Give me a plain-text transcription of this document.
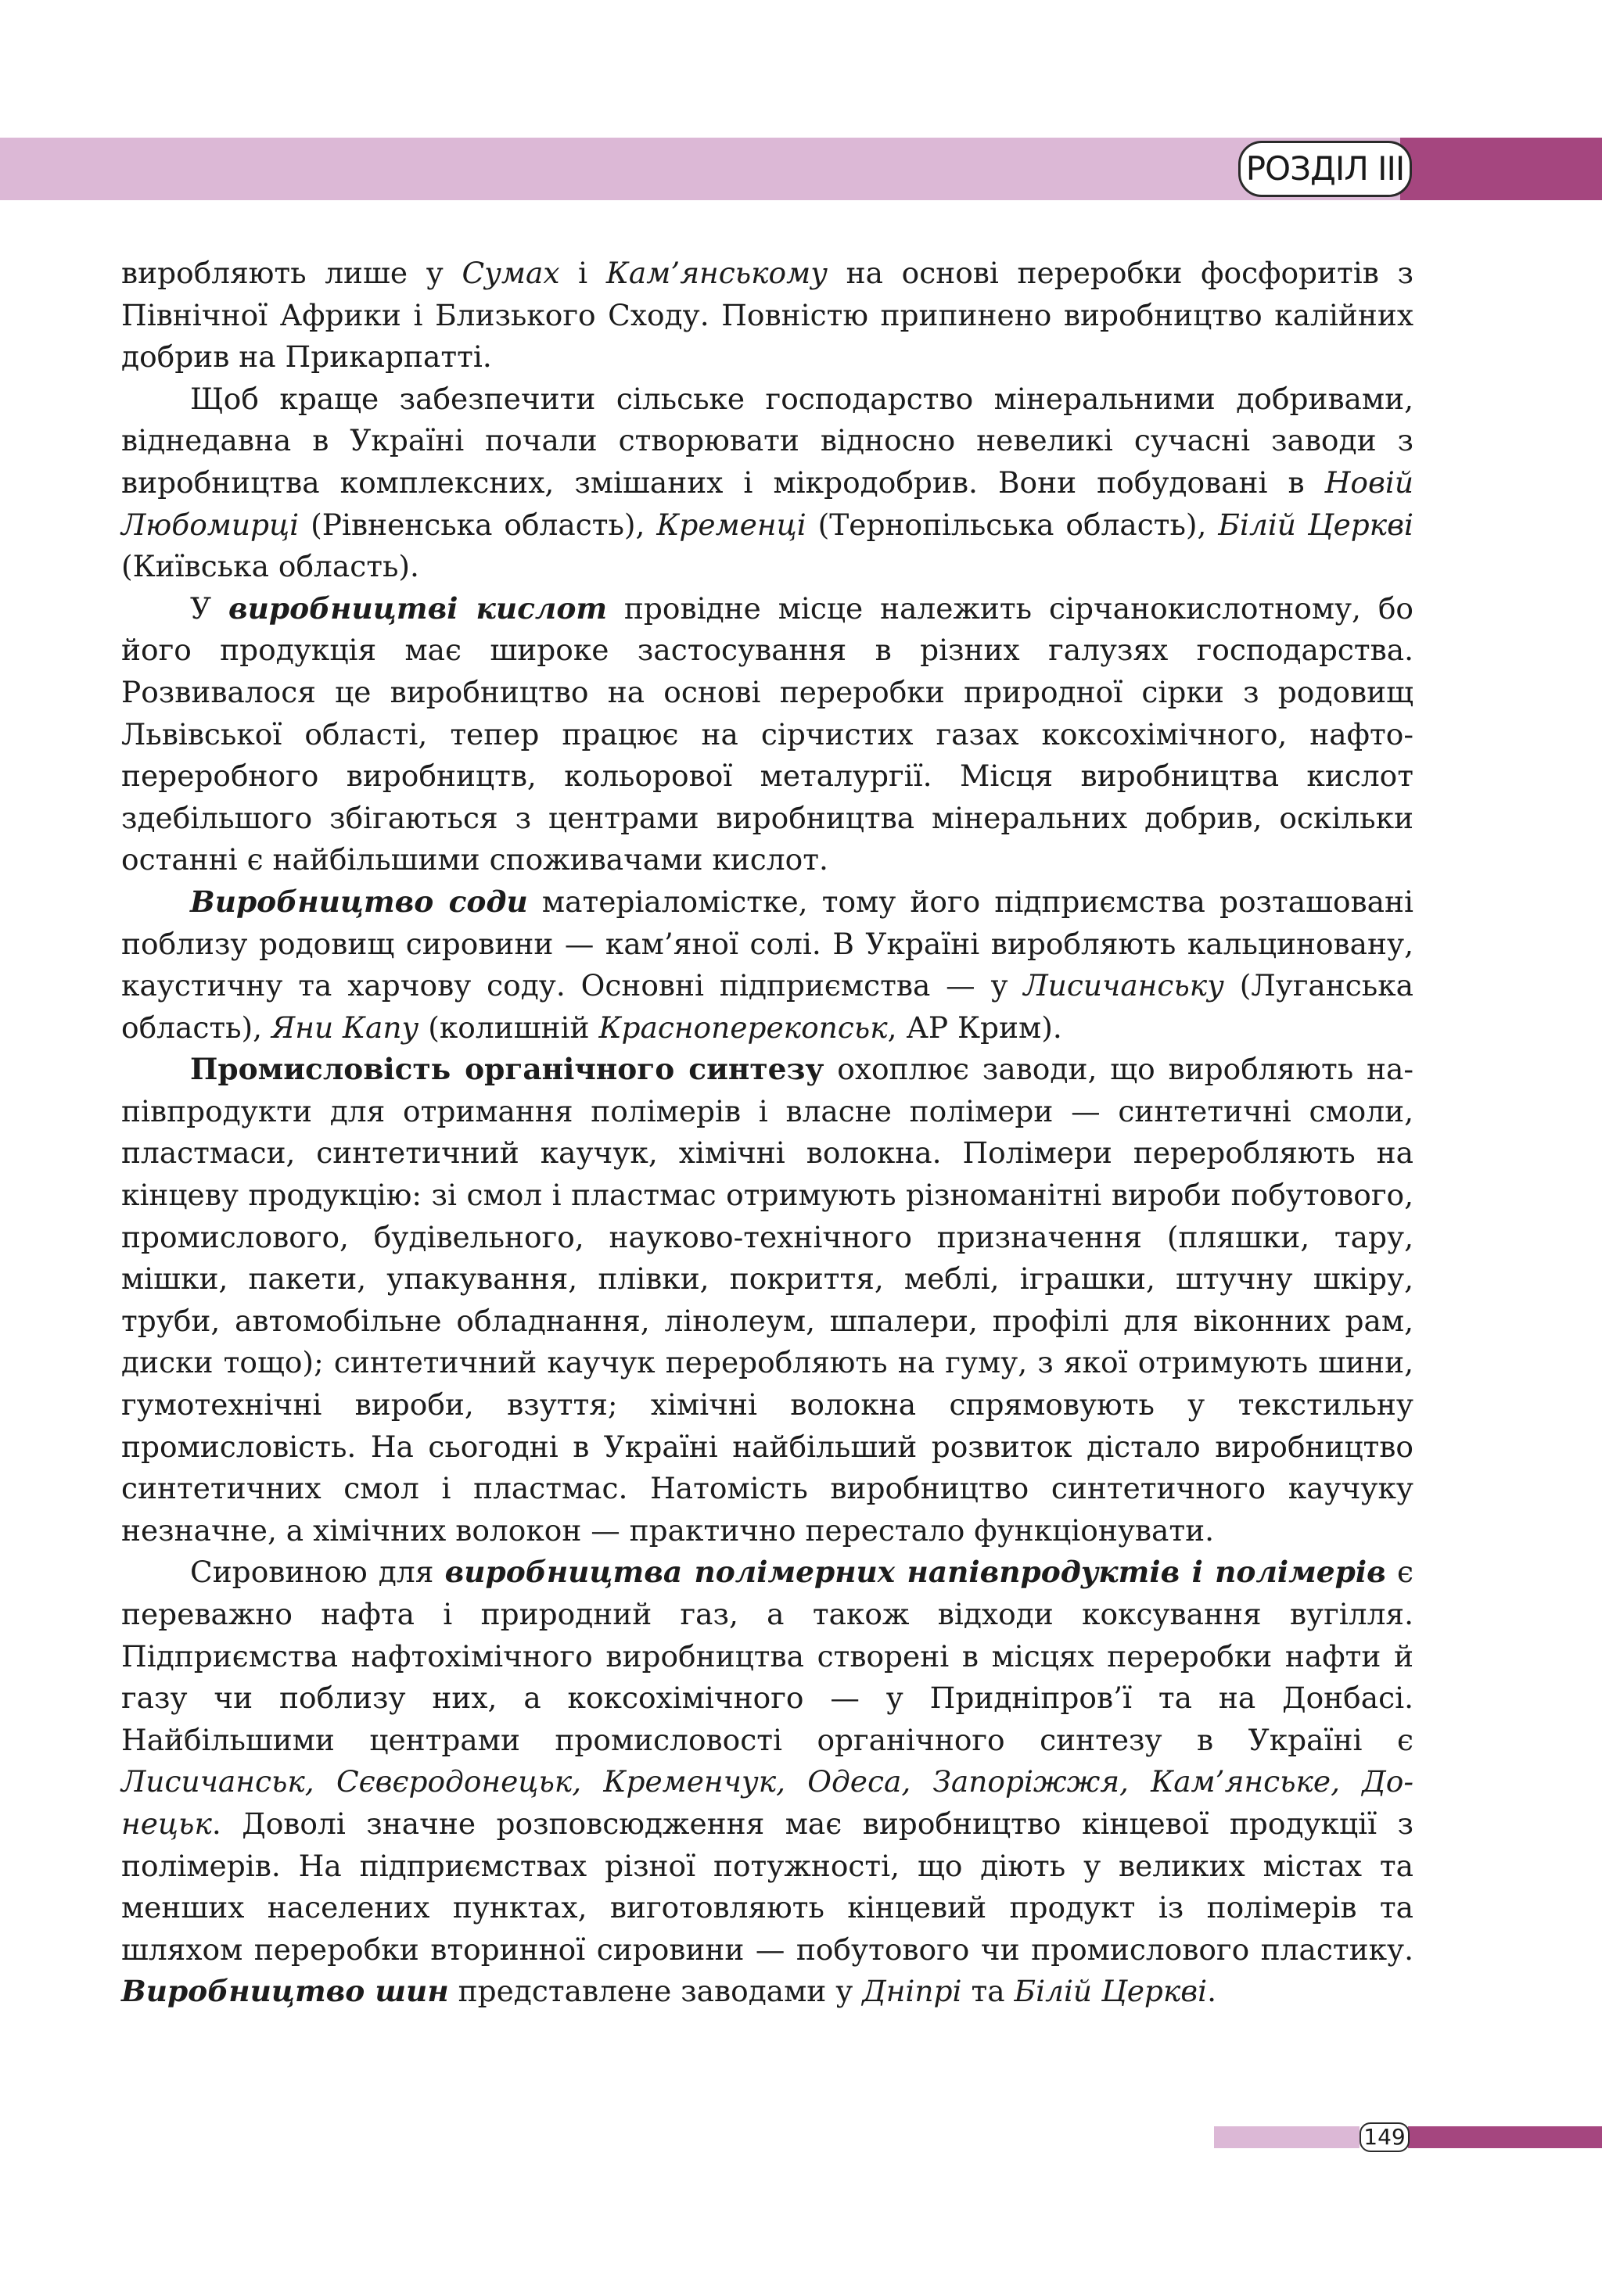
РОЗДІЛ ІІІ

виробляють лише у Сумах і Кам’янському на основі переробки фосфоритів з Північної Африки і Близького Сходу. Повністю припинено виробництво калійних добрив на Прикарпатті.

Щоб краще забезпечити сільське господарство мінеральними добривами, віднедавна в Україні почали створювати відносно невеликі сучасні заводи з виробництва комплексних, змішаних і мікродобрив. Вони побудовані в Новій Любомирці (Рівненська область), Кременці (Тернопільська область), Білій Церкві (Київська область).

У виробництві кислот провідне місце належить сірчанокислотному, бо його продукція має широке застосування в різних галузях господарства. Розвивалося це виробництво на основі переробки природної сірки з родовищ Львівської області, тепер працює на сірчистих газах коксохімічного, нафтопереробного виробництв, кольорової металургії. Місця виробництва кислот здебільшого збігаються з центрами виробництва мінеральних добрив, оскільки останні є найбільшими споживачами кислот.

Виробництво соди матеріаломістке, тому його підприємства розташовані поблизу родовищ сировини — кам’яної солі. В Україні виробляють кальциновану, каустичну та харчову соду. Основні підприємства — у Лисичанську (Луганська область), Яни Капу (колишній Красноперекопськ, АР Крим).

Промисловість органічного синтезу охоплює заводи, що виробляють напівпродукти для отримання полімерів і власне полімери — синтетичні смоли, пластмаси, синтетичний каучук, хімічні волокна. Полімери переробляють на кінцеву продукцію: зі смол і пластмас отримують різноманітні вироби побутового, промислового, будівельного, науково-технічного призначення (пляшки, тару, мішки, пакети, упакування, плівки, покриття, меблі, іграшки, штучну шкіру, труби, автомобільне обладнання, лінолеум, шпалери, профілі для віконних рам, диски тощо); синтетичний каучук переробляють на гуму, з якої отримують шини, гумотехнічні вироби, взуття; хімічні волокна спрямовують у текстильну промисловість. На сьогодні в Україні найбільший розвиток дістало виробництво синтетичних смол і пластмас. Натомість виробництво синтетичного каучуку незначне, а хімічних волокон — практично перестало функціонувати.

Сировиною для виробництва полімерних напівпродуктів і полімерів є переважно нафта і природний газ, а також відходи коксування вугілля. Підприємства нафтохімічного виробництва створені в місцях переробки нафти й газу чи поблизу них, а коксохімічного — у Придніпров’ї та на Донбасі. Найбільшими центрами промисловості органічного синтезу в Україні є Лисичанськ, Сєвєродонецьк, Кременчук, Одеса, Запоріжжя, Кам’янське, Донецьк. Доволі значне розповсюдження має виробництво кінцевої продукції з полімерів. На підприємствах різної потужності, що діють у великих містах та менших населених пунктах, виготовляють кінцевий продукт із полімерів та шляхом переробки вторинної сировини — побутового чи промислового пластику. Виробництво шин представлене заводами у Дніпрі та Білій Церкві.

149
